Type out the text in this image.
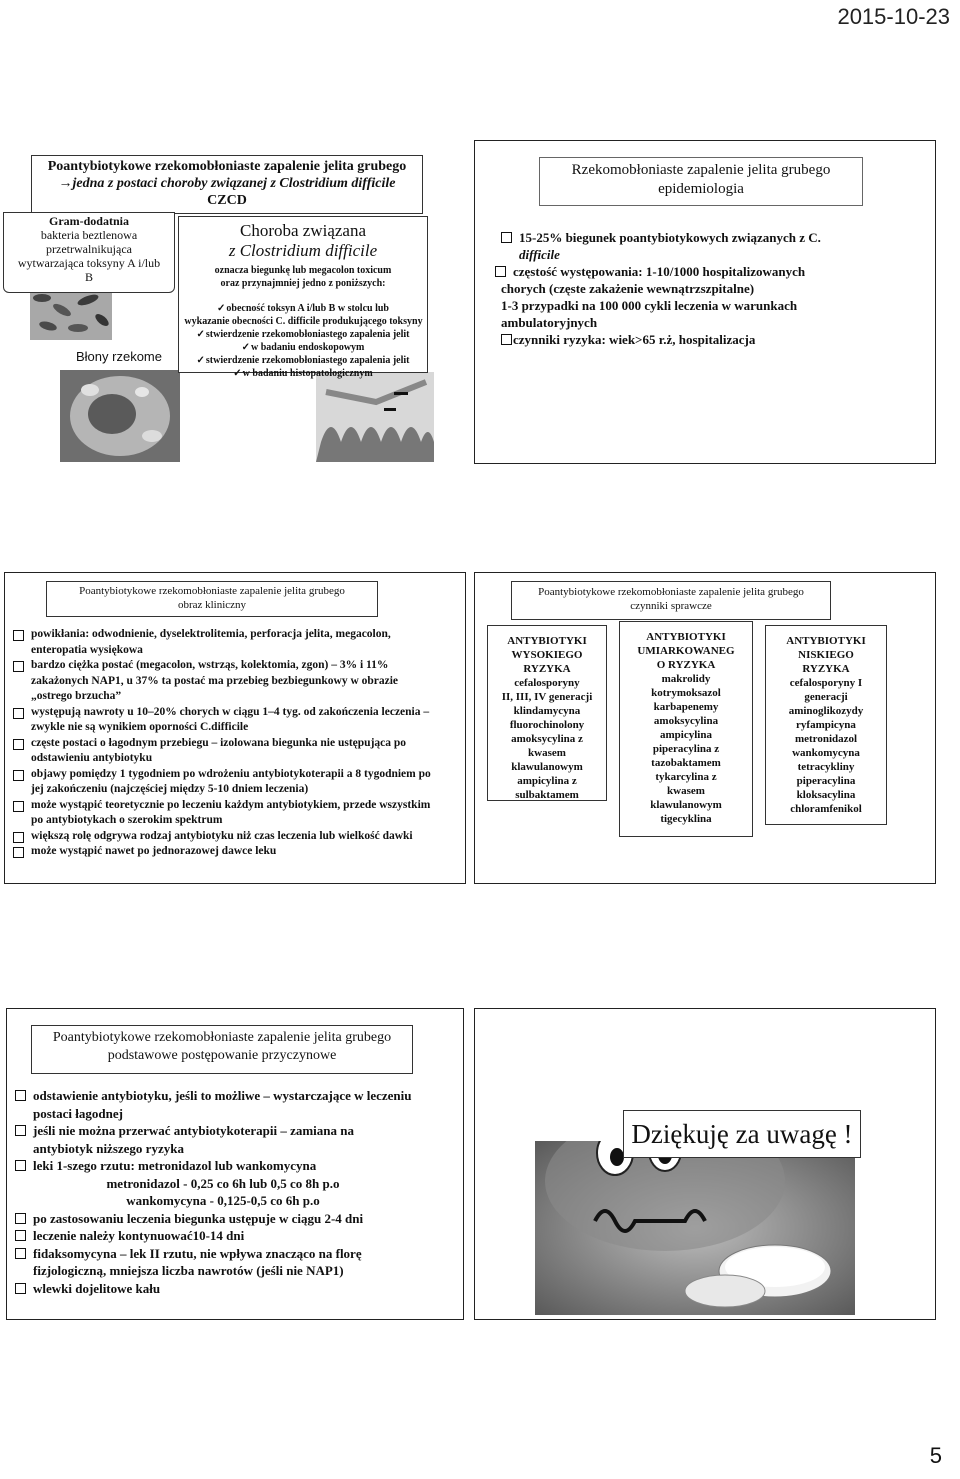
2015-10-23
Poantybiotykowe rzekomobłoniaste zapalenie jelita grubego
→jedna z postaci choroby związanej z Clostridium difficile
CZCD
Gram-dodatnia
bakteria beztlenowa
przetrwalnikująca
wytwarzająca toksyny A i/lub
B
Błony rzekome
Choroba związana
z Clostridium difficile
oznacza biegunkę lub megacolon toxicum
oraz przynajmniej jedno z poniższych:
✓ obecność toksyn A i/lub B w stolcu lub
wykazanie obecności C. difficile produkującego toksyny
✓ stwierdzenie rzekomobłoniastego zapalenia jelit
✓ w badaniu endoskopowym
✓ stwierdzenie rzekomobłoniastego zapalenia jelit
✓ w badaniu histopatologicznym
Rzekomobłoniaste zapalenie jelita grubego
epidemiologia
15-25% biegunek poantybiotykowych związanych z C.
difficile
częstość występowania: 1-10/1000 hospitalizowanych
chorych (częste zakażenie wewnątrzszpitalne)
1-3 przypadki na 100 000 cykli leczenia w warunkach
ambulatoryjnych
czynniki ryzyka: wiek>65 r.ż, hospitalizacja
Poantybiotykowe rzekomobłoniaste zapalenie jelita grubego
obraz kliniczny
powikłania: odwodnienie, dyselektrolitemia, perforacja jelita, megacolon, enteropatia wysiękowa
bardzo ciężka postać (megacolon, wstrząs, kolektomia, zgon) – 3% i 11% zakażonych NAP1, u 37% ta postać ma przebieg bezbiegunkowy w obrazie „ostrego brzucha”
występują nawroty u 10–20% chorych w ciągu 1–4 tyg. od zakończenia leczenia – zwykle nie są wynikiem oporności C.difficile
częste postaci o łagodnym przebiegu – izolowana biegunka nie ustępująca po odstawieniu antybiotyku
objawy pomiędzy 1 tygodniem po wdrożeniu antybiotykoterapii a 8 tygodniem po jej zakończeniu (najczęściej między 5-10 dniem leczenia)
może wystąpić teoretycznie po leczeniu każdym antybiotykiem, przede wszystkim po antybiotykach o szerokim spektrum
większą rolę odgrywa rodzaj antybiotyku niż czas leczenia lub wielkość dawki
może wystąpić nawet po jednorazowej dawce leku
Poantybiotykowe rzekomobłoniaste zapalenie jelita grubego
czynniki sprawcze
ANTYBIOTYKI
WYSOKIEGO
RYZYKA
cefalosporyny
II, III, IV generacji
klindamycyna
fluorochinolony
amoksycylina z
kwasem
klawulanowym
ampicylina z
sulbaktamem
ANTYBIOTYKI
UMIARKOWANEG
O RYZYKA
makrolidy
kotrymoksazol
karbapenemy
amoksycylina
ampicylina
piperacylina z
tazobaktamem
tykarcylina z
kwasem
klawulanowym
tigecyklina
ANTYBIOTYKI
NISKIEGO
RYZYKA
cefalosporyny I
generacji
aminoglikozydy
ryfampicyna
metronidazol
wankomycyna
tetracykliny
piperacylina
kloksacylina
chloramfenikol
Poantybiotykowe rzekomobłoniaste zapalenie jelita grubego
podstawowe postępowanie przyczynowe
odstawienie antybiotyku, jeśli to możliwe – wystarczające w leczeniu postaci łagodnej
jeśli nie można przerwać antybiotykoterapii – zamiana na antybiotyk niższego ryzyka
leki 1-szego rzutu: metronidazol lub wankomycyna
metronidazol - 0,25 co 6h lub 0,5 co 8h p.o
wankomycyna - 0,125-0,5 co 6h p.o
po zastosowaniu leczenia biegunka ustępuje w ciągu 2-4 dni
leczenie należy kontynuować10-14 dni
fidaksomycyna – lek II rzutu, nie wpływa znacząco na florę fizjologiczną, mniejsza liczba nawrotów (jeśli nie NAP1)
wlewki dojelitowe kału
Dziękuję za uwagę !
5
